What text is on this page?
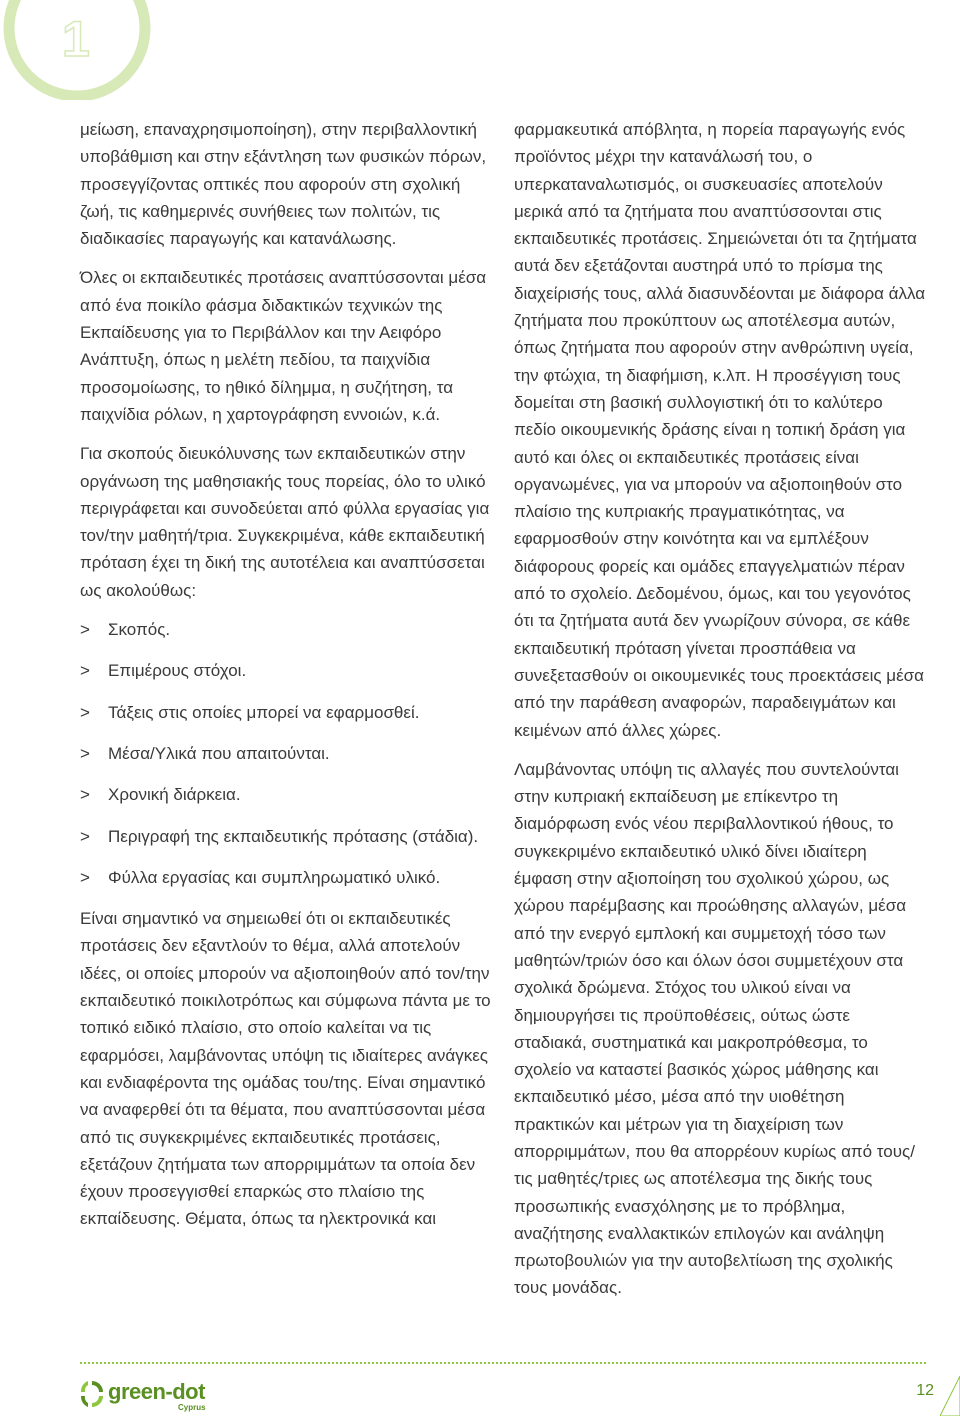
1

μείωση, επαναχρησιμοποίηση), στην περιβαλλοντική υποβάθμιση και στην εξάντληση των φυσικών πόρων, προσεγγίζοντας οπτικές που αφορούν στη σχολική ζωή, τις καθημερινές συνήθειες των πολιτών, τις διαδικασίες παραγωγής και κατανάλωσης.

Όλες οι εκπαιδευτικές προτάσεις αναπτύσσονται μέσα από ένα ποικίλο φάσμα διδακτικών τεχνικών της Εκπαίδευσης για το Περιβάλλον και την Αειφόρο Ανάπτυξη, όπως η μελέτη πεδίου, τα παιχνίδια προσομοίωσης, το ηθικό δίλημμα, η συζήτηση, τα παιχνίδια ρόλων, η χαρτογράφηση εννοιών, κ.ά.

Για σκοπούς διευκόλυνσης των εκπαιδευτικών στην οργάνωση της μαθησιακής τους πορείας, όλο το υλικό περιγράφεται και συνοδεύεται από φύλλα εργασίας για τον/την μαθητή/τρια. Συγκεκριμένα, κάθε εκπαιδευτική πρόταση έχει τη δική της αυτοτέλεια και αναπτύσσεται ως ακολούθως:

> Σκοπός.
> Επιμέρους στόχοι.
> Τάξεις στις οποίες μπορεί να εφαρμοσθεί.
> Μέσα/Υλικά που απαιτούνται.
> Χρονική διάρκεια.
> Περιγραφή της εκπαιδευτικής πρότασης (στάδια).
> Φύλλα εργασίας και συμπληρωματικό υλικό.

Είναι σημαντικό να σημειωθεί ότι οι εκπαιδευτικές προτάσεις δεν εξαντλούν το θέμα, αλλά αποτελούν ιδέες, οι οποίες μπορούν να αξιοποιηθούν από τον/την εκπαιδευτικό ποικιλοτρόπως και σύμφωνα πάντα με το τοπικό ειδικό πλαίσιο, στο οποίο καλείται να τις εφαρμόσει, λαμβάνοντας υπόψη τις ιδιαίτερες ανάγκες και ενδιαφέροντα της ομάδας του/της. Είναι σημαντικό να αναφερθεί ότι τα θέματα, που αναπτύσσονται μέσα από τις συγκεκριμένες εκπαιδευτικές προτάσεις, εξετάζουν ζητήματα των απορριμμάτων τα οποία δεν έχουν προσεγγισθεί επαρκώς στο πλαίσιο της εκπαίδευσης. Θέματα, όπως τα ηλεκτρονικά και

φαρμακευτικά απόβλητα, η πορεία παραγωγής ενός προϊόντος μέχρι την κατανάλωσή του, ο υπερκαταναλωτισμός, οι συσκευασίες αποτελούν μερικά από τα ζητήματα που αναπτύσσονται στις εκπαιδευτικές προτάσεις. Σημειώνεται ότι τα ζητήματα αυτά δεν εξετάζονται αυστηρά υπό το πρίσμα της διαχείρισής τους, αλλά διασυνδέονται με διάφορα άλλα ζητήματα που προκύπτουν ως αποτέλεσμα αυτών, όπως ζητήματα που αφορούν στην ανθρώπινη υγεία, την φτώχια, τη διαφήμιση, κ.λπ. Η προσέγγιση τους δομείται στη βασική συλλογιστική ότι το καλύτερο πεδίο οικουμενικής δράσης είναι η τοπική δράση για αυτό και όλες οι εκπαιδευτικές προτάσεις είναι οργανωμένες, για να μπορούν να αξιοποιηθούν στο πλαίσιο της κυπριακής πραγματικότητας, να εφαρμοσθούν στην κοινότητα και να εμπλέξουν διάφορους φορείς και ομάδες επαγγελματιών πέραν από το σχολείο. Δεδομένου, όμως, και του γεγονότος ότι τα ζητήματα αυτά δεν γνωρίζουν σύνορα, σε κάθε εκπαιδευτική πρόταση γίνεται προσπάθεια να συνεξετασθούν οι οικουμενικές τους προεκτάσεις μέσα από την παράθεση αναφορών, παραδειγμάτων και κειμένων από άλλες χώρες.

Λαμβάνοντας υπόψη τις αλλαγές που συντελούνται στην κυπριακή εκπαίδευση με επίκεντρο τη διαμόρφωση ενός νέου περιβαλλοντικού ήθους, το συγκεκριμένο εκπαιδευτικό υλικό δίνει ιδιαίτερη έμφαση στην αξιοποίηση του σχολικού χώρου, ως χώρου παρέμβασης και προώθησης αλλαγών, μέσα από την ενεργό εμπλοκή και συμμετοχή τόσο των μαθητών/τριών όσο και όλων όσοι συμμετέχουν στα σχολικά δρώμενα. Στόχος του υλικού είναι να δημιουργήσει τις προϋποθέσεις, ούτως ώστε σταδιακά, συστηματικά και μακροπρόθεσμα, το σχολείο να καταστεί βασικός χώρος μάθησης και εκπαιδευτικό μέσο, μέσα από την υιοθέτηση πρακτικών και μέτρων για τη διαχείριση των απορριμμάτων, που θα απορρέουν κυρίως από τους/τις μαθητές/τριες ως αποτέλεσμα της δικής τους προσωπικής ενασχόλησης με το πρόβλημα, αναζήτησης εναλλακτικών επιλογών και ανάληψη πρωτοβουλιών για την αυτοβελτίωση της σχολικής τους μονάδας.

green-dot
Cyprus
12
